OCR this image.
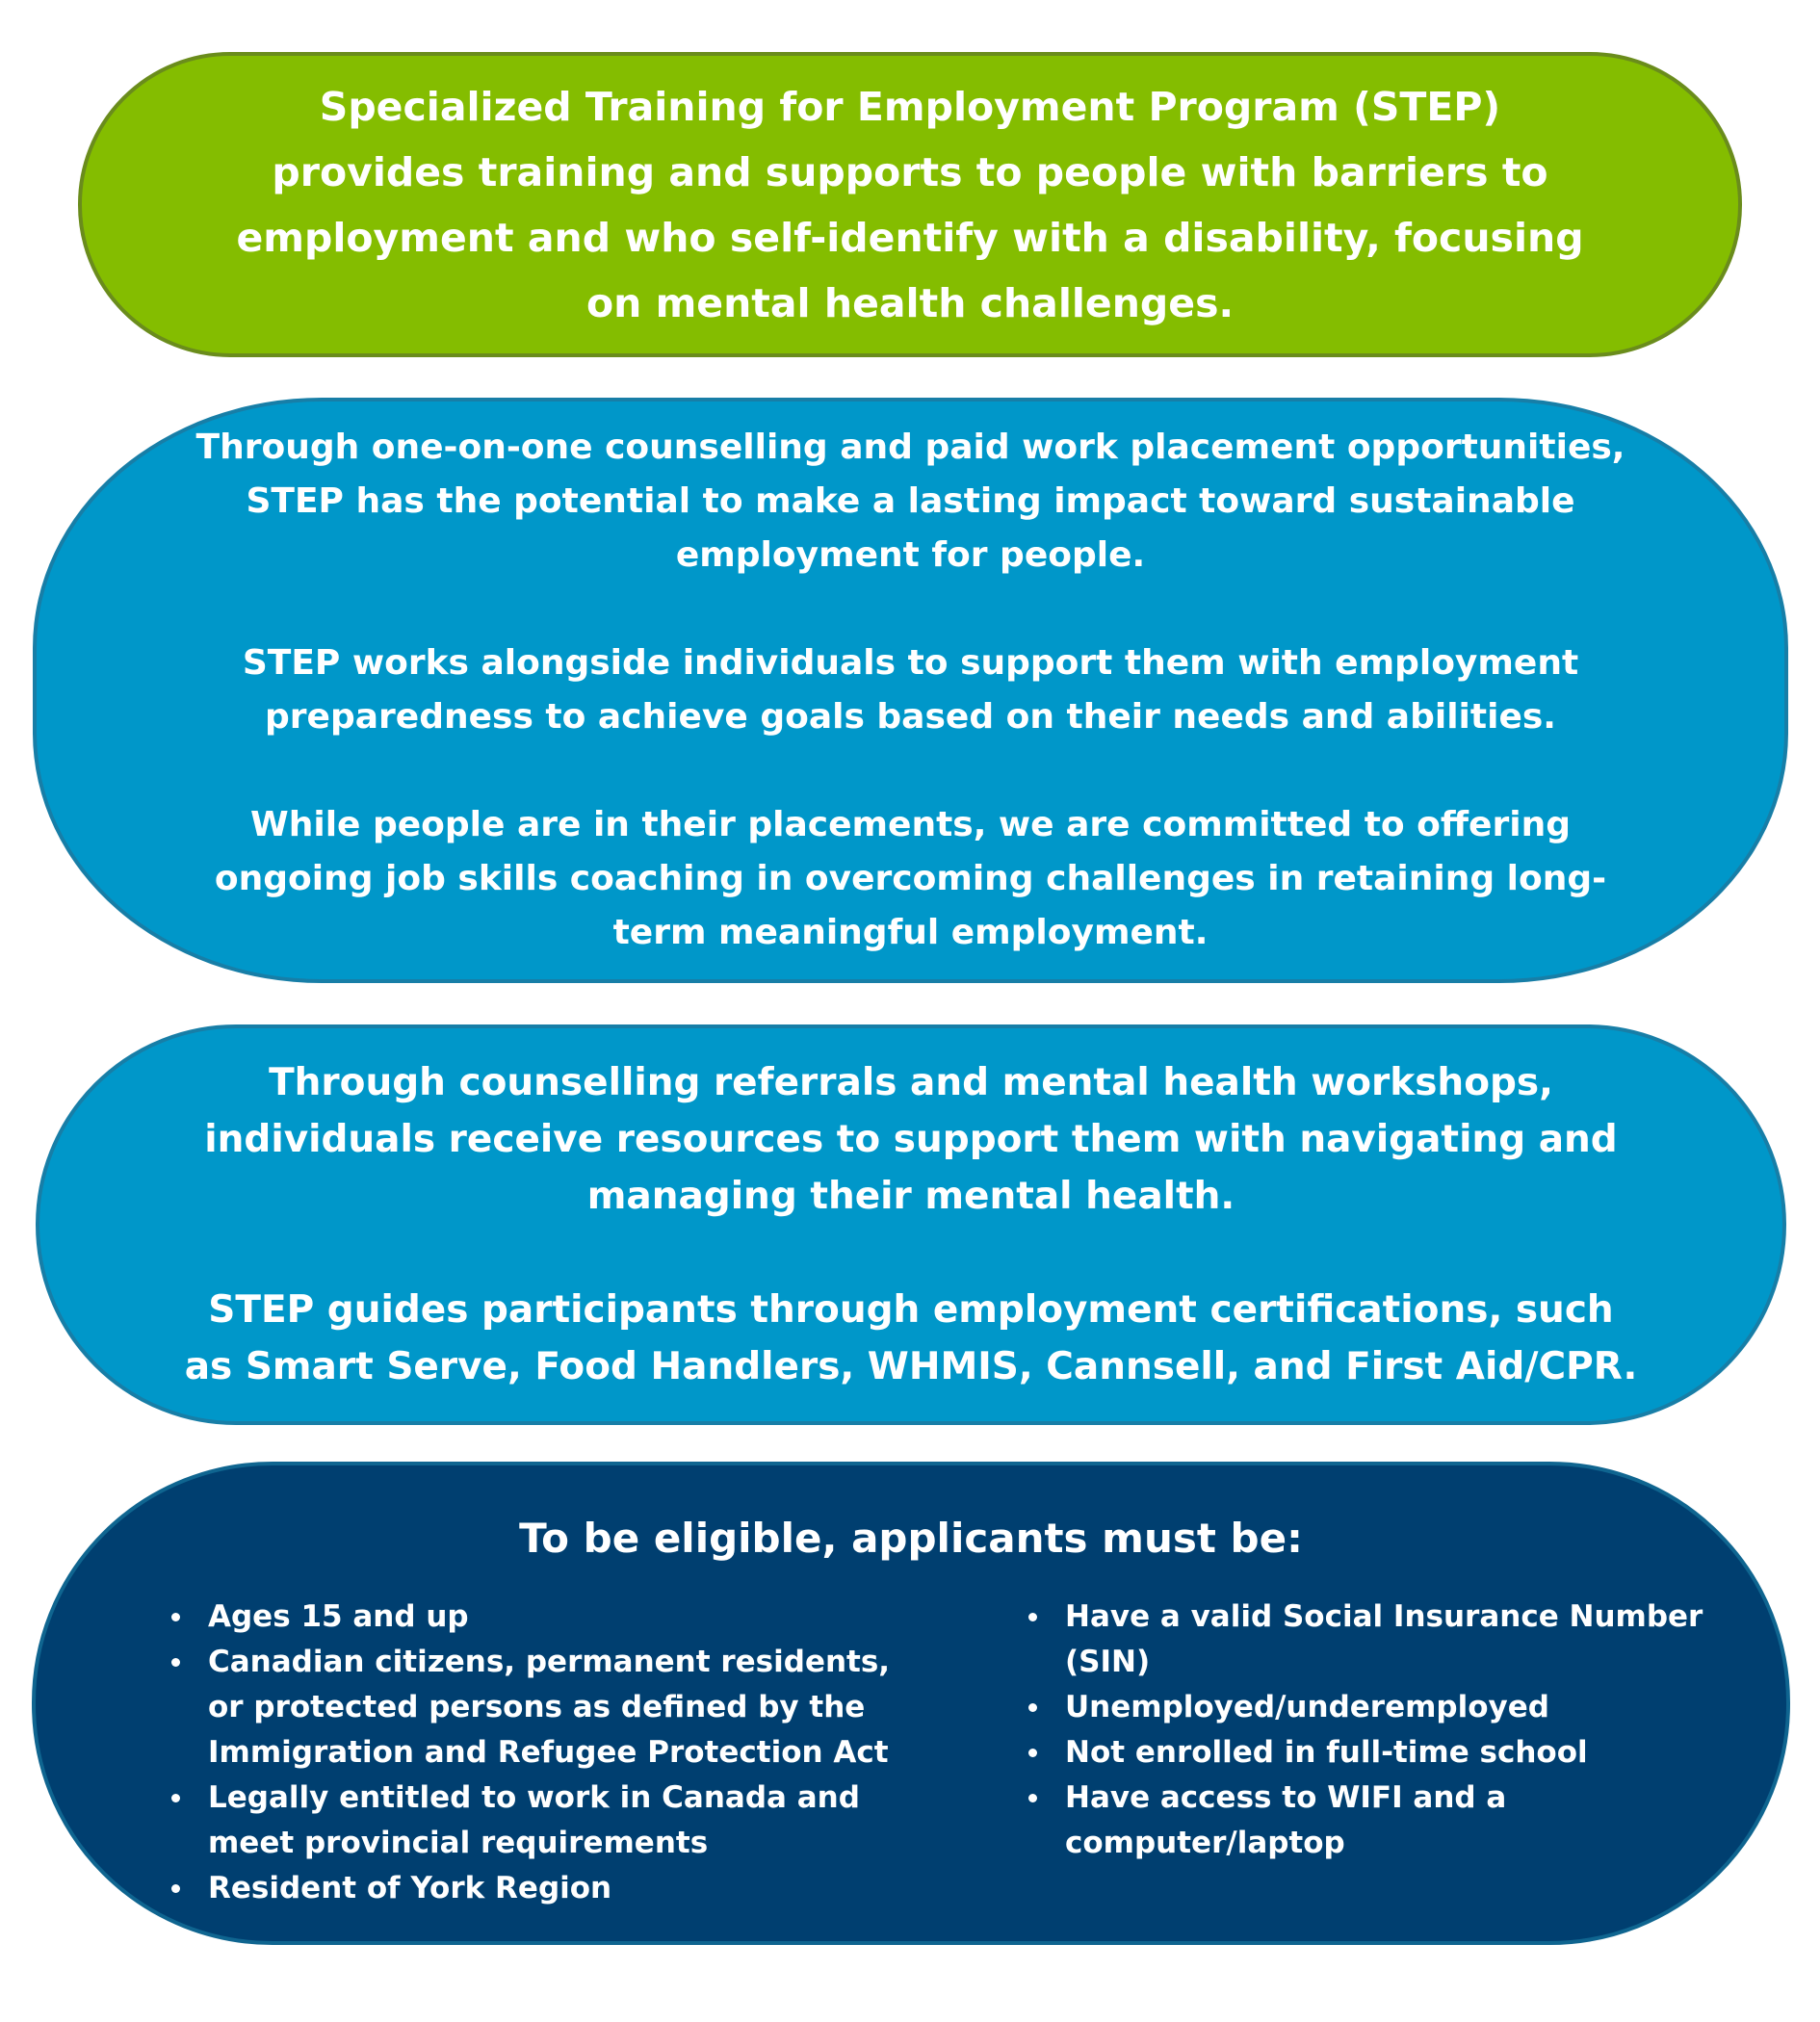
Specialized Training for Employment Program (STEP) provides training and supports to people with barriers to employment and who self-identify with a disability, focusing on mental health challenges.

Through one-on-one counselling and paid work placement opportunities, STEP has the potential to make a lasting impact toward sustainable employment for people.

STEP works alongside individuals to support them with employment preparedness to achieve goals based on their needs and abilities.

While people are in their placements, we are committed to offering ongoing job skills coaching in overcoming challenges in retaining long-term meaningful employment.

Through counselling referrals and mental health workshops, individuals receive resources to support them with navigating and managing their mental health.

STEP guides participants through employment certifications, such as Smart Serve, Food Handlers, WHMIS, Cannsell, and First Aid/CPR.

To be eligible, applicants must be:
Ages 15 and up
Canadian citizens, permanent residents, or protected persons as defined by the Immigration and Refugee Protection Act
Legally entitled to work in Canada and meet provincial requirements
Resident of York Region
Have a valid Social Insurance Number (SIN)
Unemployed/underemployed
Not enrolled in full-time school
Have access to WIFI and a computer/laptop
